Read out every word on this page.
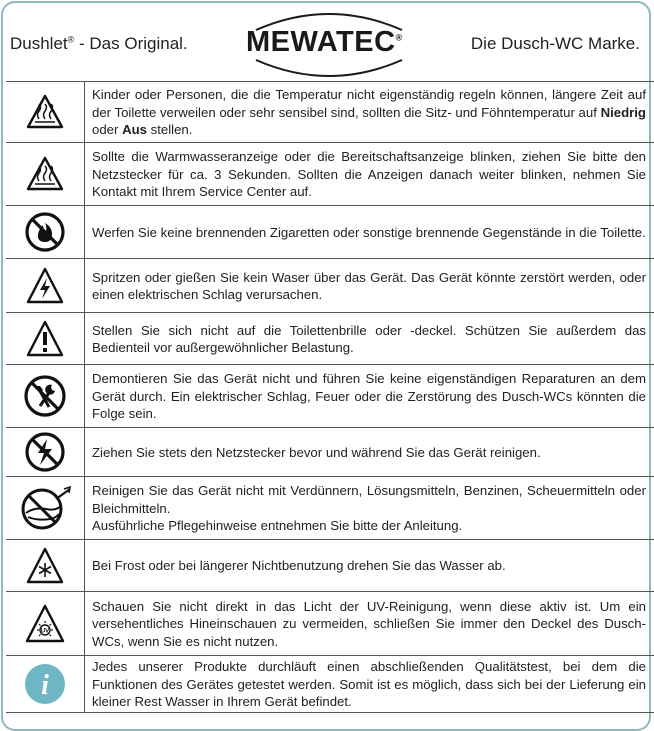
Dushlet® - Das Original. MEWATEC®	Die Dusch-WC Marke.
Kinder oder Personen, die die Temperatur nicht eigenständig regeln können, längere Zeit auf der Toilette verweilen oder sehr sensibel sind, sollten die Sitz- und Föhntemperatur auf Niedrig oder Aus stellen.
Sollte die Warmwasseranzeige oder die Bereitschaftsanzeige blinken, ziehen Sie bitte den Netzstecker für ca. 3 Sekunden. Sollten die Anzeigen danach weiter blinken, nehmen Sie Kontakt mit Ihrem Service Center auf.
Werfen Sie keine brennenden Zigaretten oder sonstige brennende Gegenstände in die Toilette.
Spritzen oder gießen Sie kein Waser über das Gerät. Das Gerät könnte zerstört werden, oder einen elektrischen Schlag verursachen.
Stellen Sie sich nicht auf die Toilettenbrille oder -deckel. Schützen Sie außerdem das Bedienteil vor außergewöhnlicher Belastung.
Demontieren Sie das Gerät nicht und führen Sie keine eigenständigen Reparaturen an dem Gerät durch. Ein elektrischer Schlag, Feuer oder die Zerstörung des Dusch-WCs könnten die Folge sein.
Ziehen Sie stets den Netzstecker bevor und während Sie das Gerät reinigen.
Reinigen Sie das Gerät nicht mit Verdünnern, Lösungsmitteln, Benzinen, Scheuermitteln oder Bleichmitteln.
Ausführliche Pflegehinweise entnehmen Sie bitte der Anleitung.
Bei Frost oder bei längerer Nichtbenutzung drehen Sie das Wasser ab.
UV
Schauen Sie nicht direkt in das Licht der UV-Reinigung, wenn diese aktiv ist. Um ein versehentliches Hineinschauen zu vermeiden, schließen Sie immer den Deckel des Dusch-WCs, wenn Sie es nicht nutzen.
i
Jedes unserer Produkte durchläuft einen abschließenden Qualitätstest, bei dem die Funktionen des Gerätes getestet werden. Somit ist es möglich, dass sich bei der Lieferung ein kleiner Rest Wasser in Ihrem Gerät befindet.
